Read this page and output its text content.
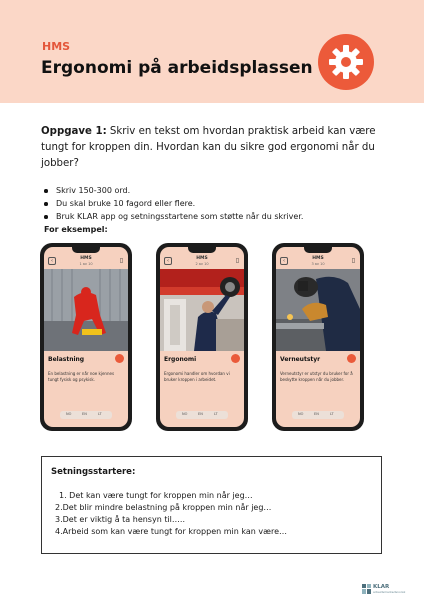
HMS
Ergonomi på arbeidsplassen
Oppgave 1: Skriv en tekst om hvordan praktisk arbeid kan være tungt for kroppen din. Hvordan kan du sikre god ergonomi når du jobber?
Skriv 150-300 ord.
Du skal bruke 10 fagord eller flere.
Bruk KLAR app og setningsstartene som støtte når du skriver.
For eksempel:
‹	HMS
1 av 10	▯
Belastning
En belastning er når noe kjennes tungt fysisk og psykisk.
NO	EN	LT
‹	HMS
2 av 10	▯
Ergonomi
Ergonomi handler om hvordan vi bruker kroppen i arbeidet.
NO	EN	LT
‹	HMS
3 av 10	▯
Verneutstyr
Verneutstyr er utstyr du bruker for å beskytte kroppen når du jobber.
NO	EN	LT
Setningsstartere:
1. Det kan være tungt for kroppen min når jeg…
2.Det blir mindre belastning på kroppen min når jeg…
3.Det er viktig å ta hensyn til…..
4.Arbeid som kan være tungt for kroppen min kan være…
KLAR
arbeidsmarkedsnorsk
